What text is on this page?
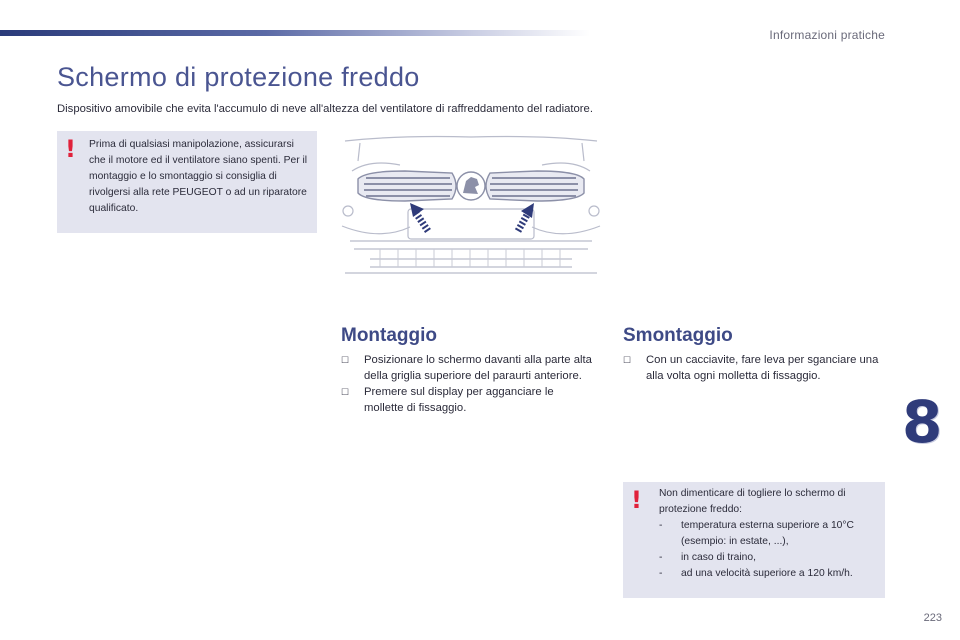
Informazioni pratiche
Schermo di protezione freddo
Dispositivo amovibile che evita l'accumulo di neve all'altezza del ventilatore di raffreddamento del radiatore.
! Prima di qualsiasi manipolazione, assicurarsi che il motore ed il ventilatore siano spenti. Per il montaggio e lo smontaggio si consiglia di rivolgersi alla rete PEUGEOT o ad un riparatore qualificato.
Montaggio
☐ Posizionare lo schermo davanti alla parte alta della griglia superiore del paraurti anteriore.
☐ Premere sul display per agganciare le mollette di fissaggio.
Smontaggio
☐ Con un cacciavite, fare leva per sganciare una alla volta ogni molletta di fissaggio.
! Non dimenticare di togliere lo schermo di protezione freddo:
- temperatura esterna superiore a 10°C (esempio: in estate, ...),
- in caso di traino,
- ad una velocità superiore a 120 km/h.
8
223
